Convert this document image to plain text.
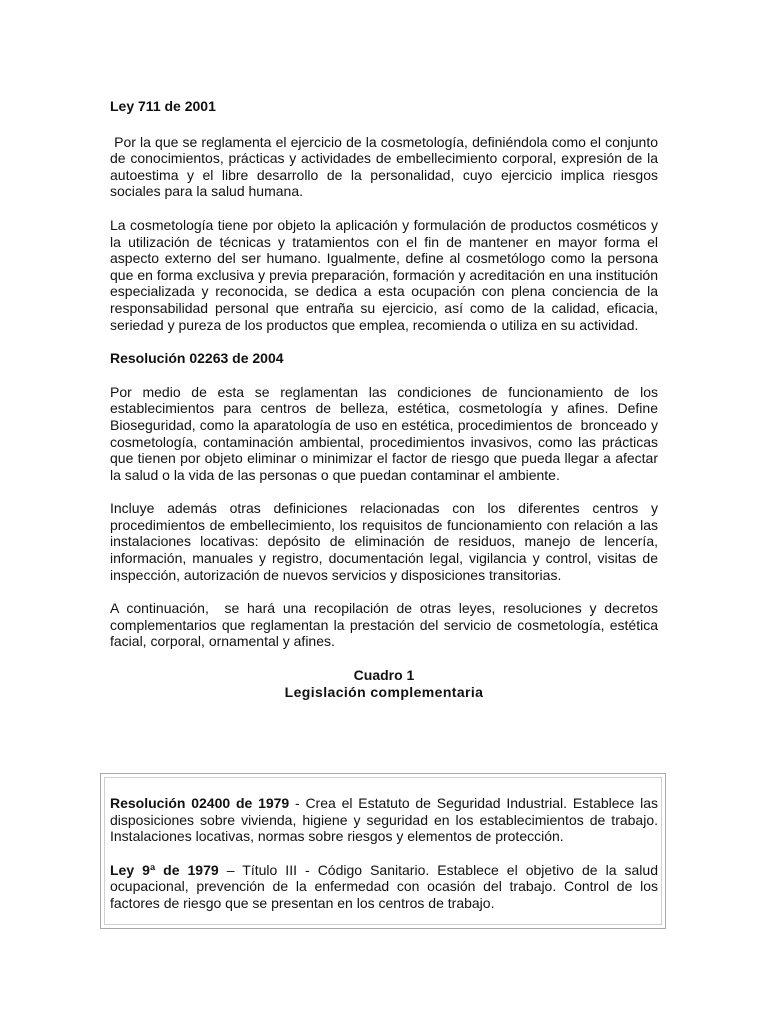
Ley 711 de 2001

Por la que se reglamenta el ejercicio de la cosmetología, definiéndola como el conjunto de conocimientos, prácticas y actividades de embellecimiento corporal, expresión de la autoestima y el libre desarrollo de la personalidad, cuyo ejercicio implica riesgos sociales para la salud humana.

La cosmetología tiene por objeto la aplicación y formulación de productos cosméticos y la utilización de técnicas y tratamientos con el fin de mantener en mayor forma el aspecto externo del ser humano. Igualmente, define al cosmetólogo como la persona que en forma exclusiva y previa preparación, formación y acreditación en una institución especializada y reconocida, se dedica a esta ocupación con plena conciencia de la responsabilidad personal que entraña su ejercicio, así como de la calidad, eficacia, seriedad y pureza de los productos que emplea, recomienda o utiliza en su actividad.

Resolución 02263 de 2004

Por medio de esta se reglamentan las condiciones de funcionamiento de los establecimientos para centros de belleza, estética, cosmetología y afines. Define Bioseguridad, como la aparatología de uso en estética, procedimientos de  bronceado y cosmetología, contaminación ambiental, procedimientos invasivos, como las prácticas que tienen por objeto eliminar o minimizar el factor de riesgo que pueda llegar a afectar la salud o la vida de las personas o que puedan contaminar el ambiente.

Incluye además otras definiciones relacionadas con los diferentes centros y procedimientos de embellecimiento, los requisitos de funcionamiento con relación a las instalaciones locativas: depósito de eliminación de residuos, manejo de lencería, información, manuales y registro, documentación legal, vigilancia y control, visitas de inspección, autorización de nuevos servicios y disposiciones transitorias.

A continuación,  se hará una recopilación de otras leyes, resoluciones y decretos complementarios que reglamentan la prestación del servicio de cosmetología, estética facial, corporal, ornamental y afines.

Cuadro 1

Legislación complementaria

Resolución 02400 de 1979 - Crea el Estatuto de Seguridad Industrial. Establece las disposiciones sobre vivienda, higiene y seguridad en los establecimientos de trabajo. Instalaciones locativas, normas sobre riesgos y elementos de protección.

Ley 9ª de 1979 – Título III - Código Sanitario. Establece el objetivo de la salud ocupacional, prevención de la enfermedad con ocasión del trabajo. Control de los factores de riesgo que se presentan en los centros de trabajo.
